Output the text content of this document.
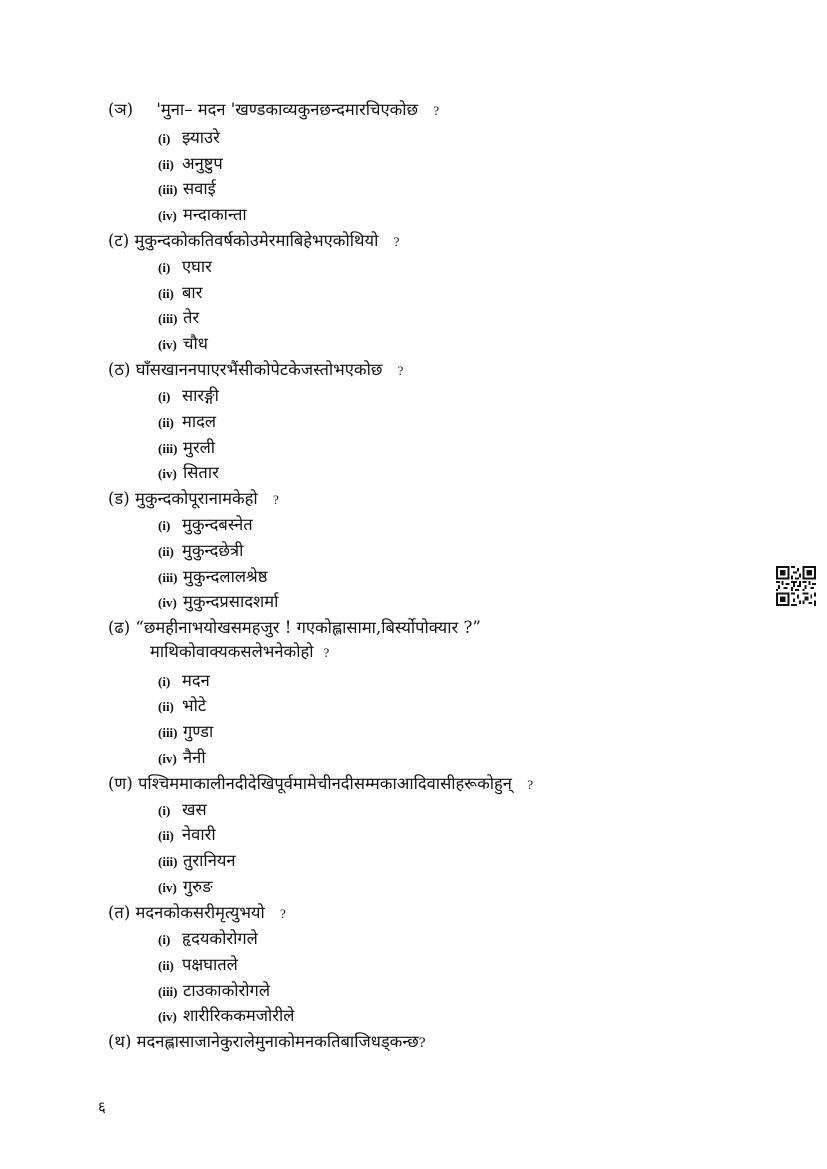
(ञ) 'मुना– मदन 'खण्डकाव्यकुनछन्दमारचिएकोछ ?
(i) झ्याउरे
(ii) अनुष्टुप
(iii) सवाई
(iv) मन्दाकान्ता
(ट) मुकुन्दकोकतिवर्षकोउमेरमाबिहेभएकोथियो ?
(i) एघार
(ii) बार
(iii) तेर
(iv) चौध
(ठ) घाँसखाननपाएरभैंसीकोपेटकेजस्तोभएकोछ ?
(i) सारङ्गी
(ii) मादल
(iii) मुरली
(iv) सितार
(ड) मुकुन्दकोपूरानामकेहो ?
(i) मुकुन्दबस्नेत
(ii) मुकुन्दछेत्री
(iii) मुकुन्दलालश्रेष्ठ
(iv) मुकुन्दप्रसादशर्मा
(ढ) “छमहीनाभयोखसमहजुर ! गएकोह्लासामा,बिर्स्योपोक्यार ?”
माथिकोवाक्यकसलेभनेकोहो ?
(i) मदन
(ii) भोटे
(iii) गुण्डा
(iv) नैनी
(ण) पश्चिममाकालीनदीदेखिपूर्वमामेचीनदीसम्मकाआदिवासीहरूकोहुन् ?
(i) खस
(ii) नेवारी
(iii) तुरानियन
(iv) गुरुङ
(त) मदनकोकसरीमृत्युभयो ?
(i) हृदयकोरोगले
(ii) पक्षघातले
(iii) टाउकाकोरोगले
(iv) शारीरिककमजोरीले
(थ) मदनह्लासाजानेकुरालेमुनाकोमनकतिबाजिधड्कन्छ?
६
